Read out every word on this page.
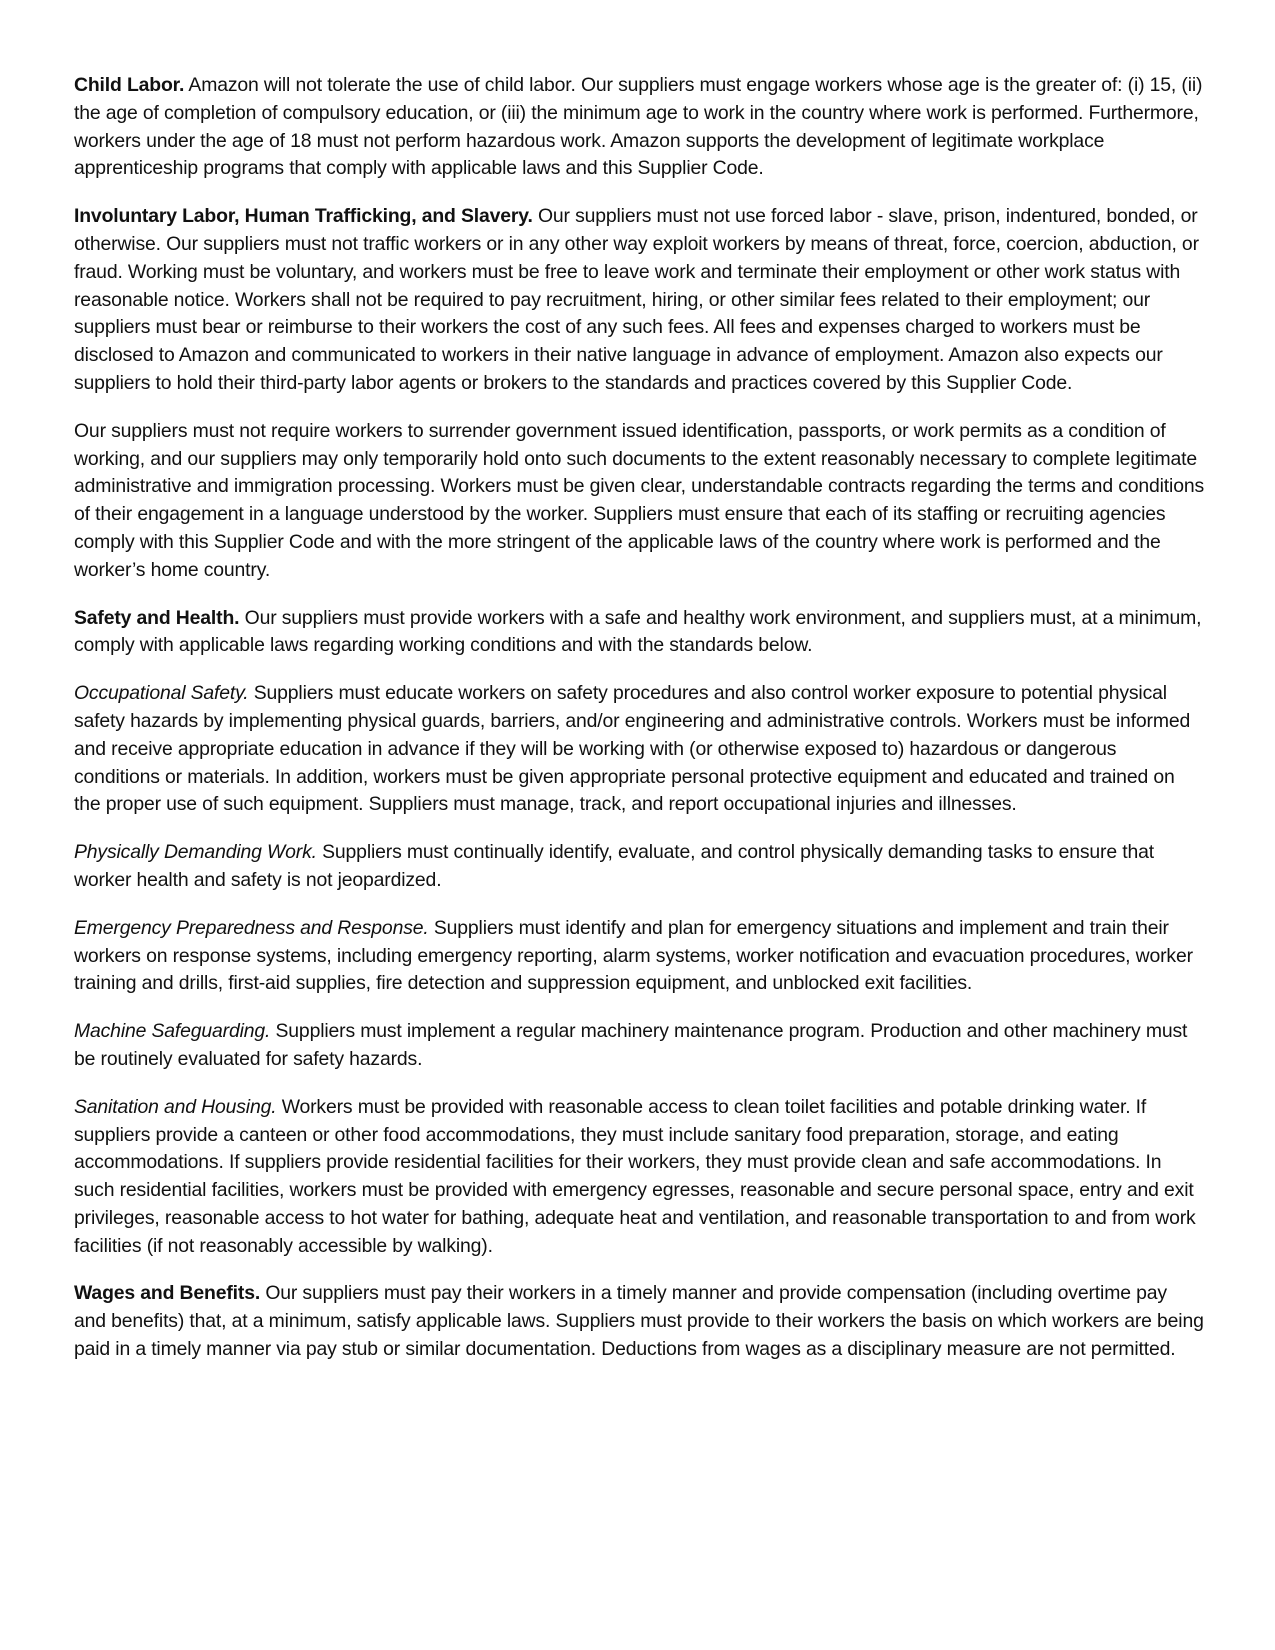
Child Labor. Amazon will not tolerate the use of child labor. Our suppliers must engage workers whose age is the greater of: (i) 15, (ii) the age of completion of compulsory education, or (iii) the minimum age to work in the country where work is performed. Furthermore, workers under the age of 18 must not perform hazardous work. Amazon supports the development of legitimate workplace apprenticeship programs that comply with applicable laws and this Supplier Code.

Involuntary Labor, Human Trafficking, and Slavery. Our suppliers must not use forced labor - slave, prison, indentured, bonded, or otherwise. Our suppliers must not traffic workers or in any other way exploit workers by means of threat, force, coercion, abduction, or fraud. Working must be voluntary, and workers must be free to leave work and terminate their employment or other work status with reasonable notice. Workers shall not be required to pay recruitment, hiring, or other similar fees related to their employment; our suppliers must bear or reimburse to their workers the cost of any such fees. All fees and expenses charged to workers must be disclosed to Amazon and communicated to workers in their native language in advance of employment. Amazon also expects our suppliers to hold their third-party labor agents or brokers to the standards and practices covered by this Supplier Code.

Our suppliers must not require workers to surrender government issued identification, passports, or work permits as a condition of working, and our suppliers may only temporarily hold onto such documents to the extent reasonably necessary to complete legitimate administrative and immigration processing. Workers must be given clear, understandable contracts regarding the terms and conditions of their engagement in a language understood by the worker. Suppliers must ensure that each of its staffing or recruiting agencies comply with this Supplier Code and with the more stringent of the applicable laws of the country where work is performed and the worker’s home country.

Safety and Health. Our suppliers must provide workers with a safe and healthy work environment, and suppliers must, at a minimum, comply with applicable laws regarding working conditions and with the standards below.

Occupational Safety. Suppliers must educate workers on safety procedures and also control worker exposure to potential physical safety hazards by implementing physical guards, barriers, and/or engineering and administrative controls. Workers must be informed and receive appropriate education in advance if they will be working with (or otherwise exposed to) hazardous or dangerous conditions or materials. In addition, workers must be given appropriate personal protective equipment and educated and trained on the proper use of such equipment. Suppliers must manage, track, and report occupational injuries and illnesses.

Physically Demanding Work. Suppliers must continually identify, evaluate, and control physically demanding tasks to ensure that worker health and safety is not jeopardized.

Emergency Preparedness and Response. Suppliers must identify and plan for emergency situations and implement and train their workers on response systems, including emergency reporting, alarm systems, worker notification and evacuation procedures, worker training and drills, first-aid supplies, fire detection and suppression equipment, and unblocked exit facilities.

Machine Safeguarding. Suppliers must implement a regular machinery maintenance program. Production and other machinery must be routinely evaluated for safety hazards.

Sanitation and Housing. Workers must be provided with reasonable access to clean toilet facilities and potable drinking water. If suppliers provide a canteen or other food accommodations, they must include sanitary food preparation, storage, and eating accommodations. If suppliers provide residential facilities for their workers, they must provide clean and safe accommodations. In such residential facilities, workers must be provided with emergency egresses, reasonable and secure personal space, entry and exit privileges, reasonable access to hot water for bathing, adequate heat and ventilation, and reasonable transportation to and from work facilities (if not reasonably accessible by walking).

Wages and Benefits. Our suppliers must pay their workers in a timely manner and provide compensation (including overtime pay and benefits) that, at a minimum, satisfy applicable laws. Suppliers must provide to their workers the basis on which workers are being paid in a timely manner via pay stub or similar documentation. Deductions from wages as a disciplinary measure are not permitted.
